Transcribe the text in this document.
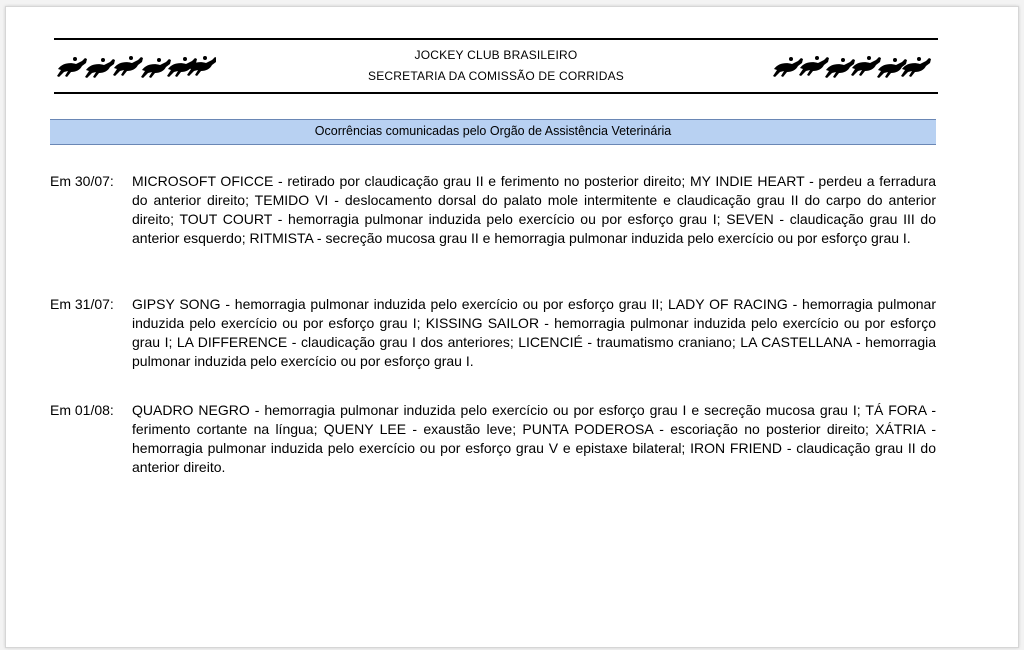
JOCKEY CLUB BRASILEIRO
SECRETARIA DA COMISSÃO DE CORRIDAS
Ocorrências comunicadas pelo Orgão de Assistência Veterinária
Em 30/07:	MICROSOFT OFICCE - retirado por claudicação grau II e ferimento no posterior direito; MY INDIE HEART - perdeu a ferradura do anterior direito; TEMIDO VI - deslocamento dorsal do palato mole intermitente e claudicação grau II do carpo do anterior direito; TOUT COURT - hemorragia pulmonar induzida pelo exercício ou por esforço grau I; SEVEN - claudicação grau III do anterior esquerdo; RITMISTA - secreção mucosa grau II e hemorragia pulmonar induzida pelo exercício ou por esforço grau I.
Em 31/07:	GIPSY SONG - hemorragia pulmonar induzida pelo exercício ou por esforço grau II; LADY OF RACING - hemorragia pulmonar induzida pelo exercício ou por esforço grau I; KISSING SAILOR - hemorragia pulmonar induzida pelo exercício ou por esforço grau I; LA DIFFERENCE - claudicação grau I dos anteriores; LICENCIÉ - traumatismo craniano; LA CASTELLANA - hemorragia pulmonar induzida pelo exercício ou por esforço grau I.
Em 01/08:	QUADRO NEGRO - hemorragia pulmonar induzida pelo exercício ou por esforço grau I e secreção mucosa grau I; TÁ FORA - ferimento cortante na língua; QUENY LEE - exaustão leve; PUNTA PODEROSA - escoriação no posterior direito; XÁTRIA - hemorragia pulmonar induzida pelo exercício ou por esforço grau V e epistaxe bilateral; IRON FRIEND - claudicação grau II do anterior direito.
